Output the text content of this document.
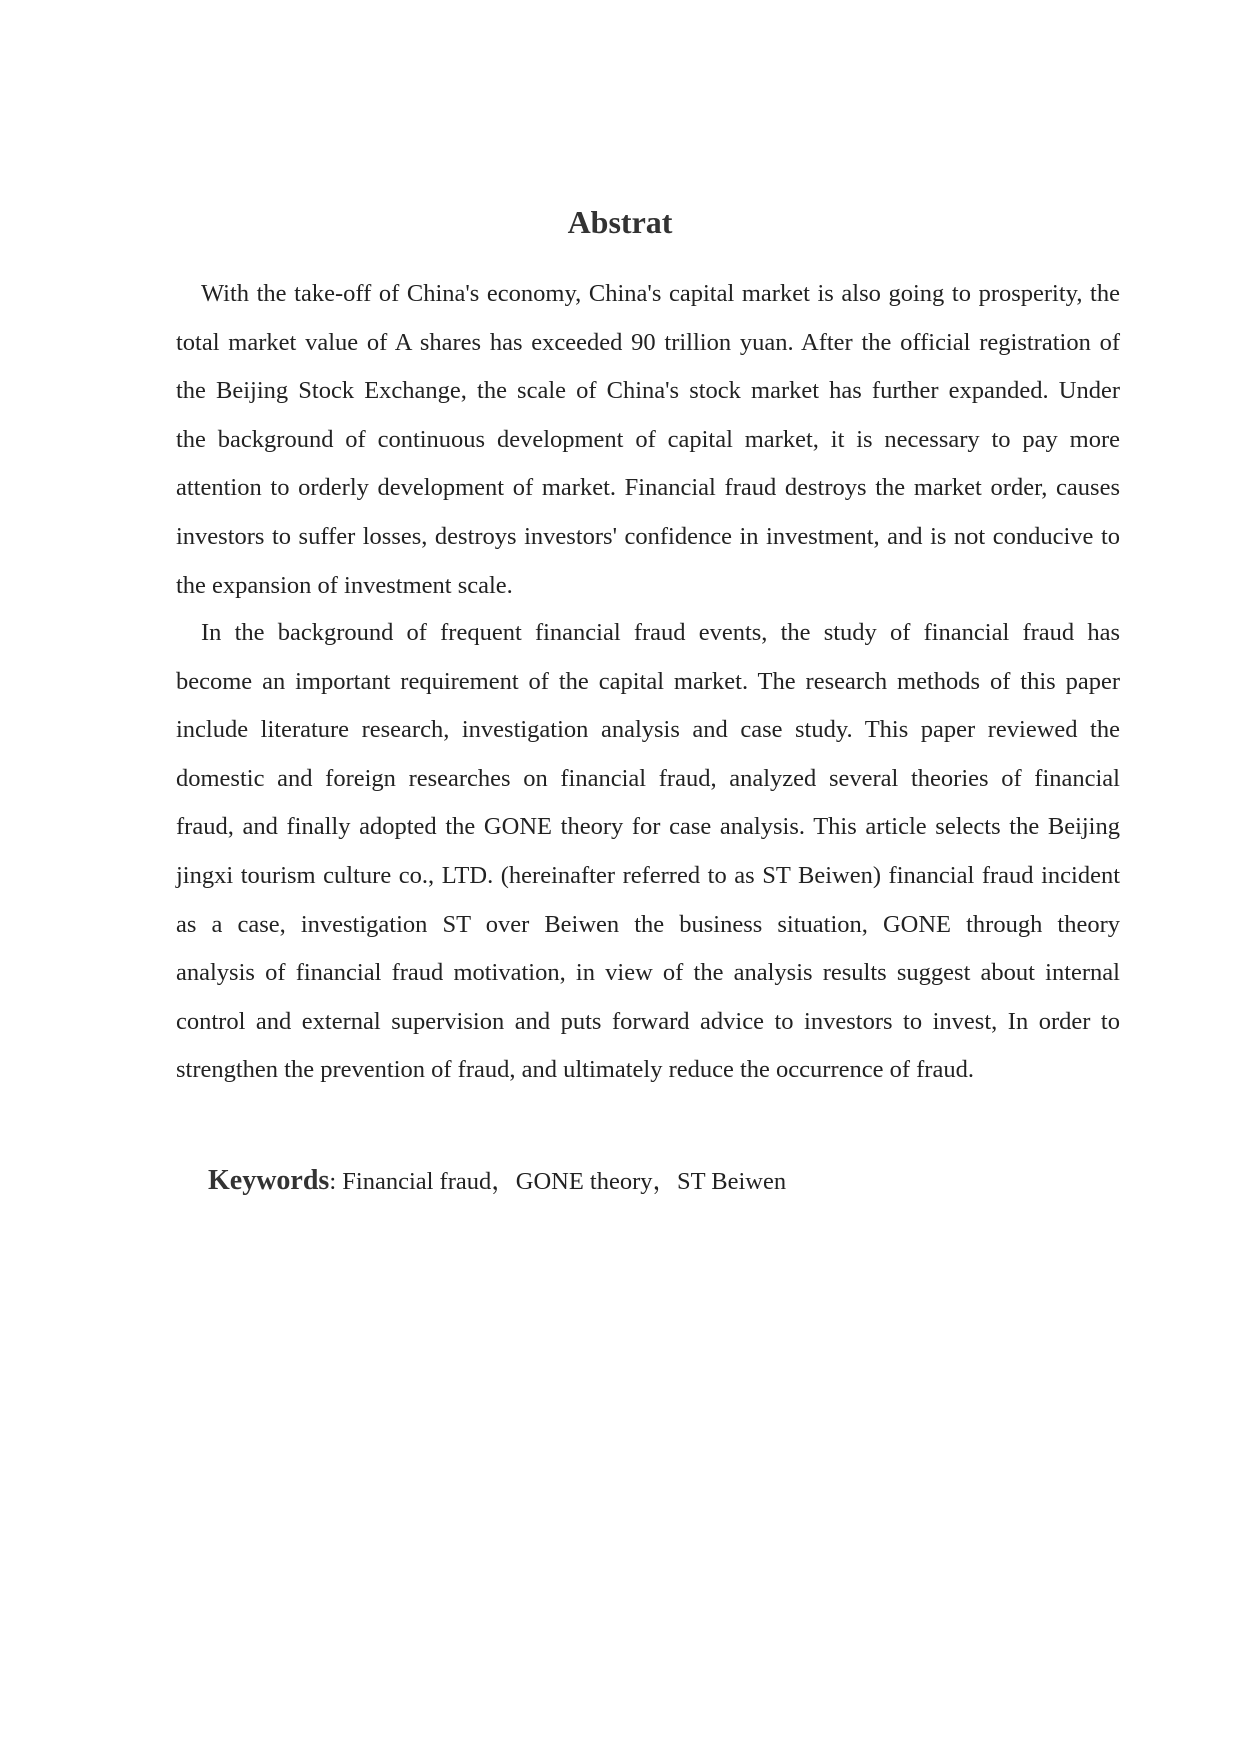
Abstrat
With the take-off of China's economy, China's capital market is also going to prosperity, the
total market value of A shares has exceeded 90 trillion yuan. After the official registration of
the Beijing Stock Exchange, the scale of China's stock market has further expanded. Under
the background of continuous development of capital market, it is necessary to pay more
attention to orderly development of market. Financial fraud destroys the market order, causes
investors to suffer losses, destroys investors' confidence in investment, and is not conducive to
the expansion of investment scale.
In the background of frequent financial fraud events, the study of financial fraud has
become an important requirement of the capital market. The research methods of this paper
include literature research, investigation analysis and case study. This paper reviewed the
domestic and foreign researches on financial fraud, analyzed several theories of financial
fraud, and finally adopted the GONE theory for case analysis. This article selects the Beijing
jingxi tourism culture co., LTD. (hereinafter referred to as ST Beiwen) financial fraud incident
as a case, investigation ST over Beiwen the business situation, GONE through theory
analysis of financial fraud motivation, in view of the analysis results suggest about internal
control and external supervision and puts forward advice to investors to invest, In order to
strengthen the prevention of fraud, and ultimately reduce the occurrence of fraud.
Keywords: Financial fraud，GONE theory，ST Beiwen
